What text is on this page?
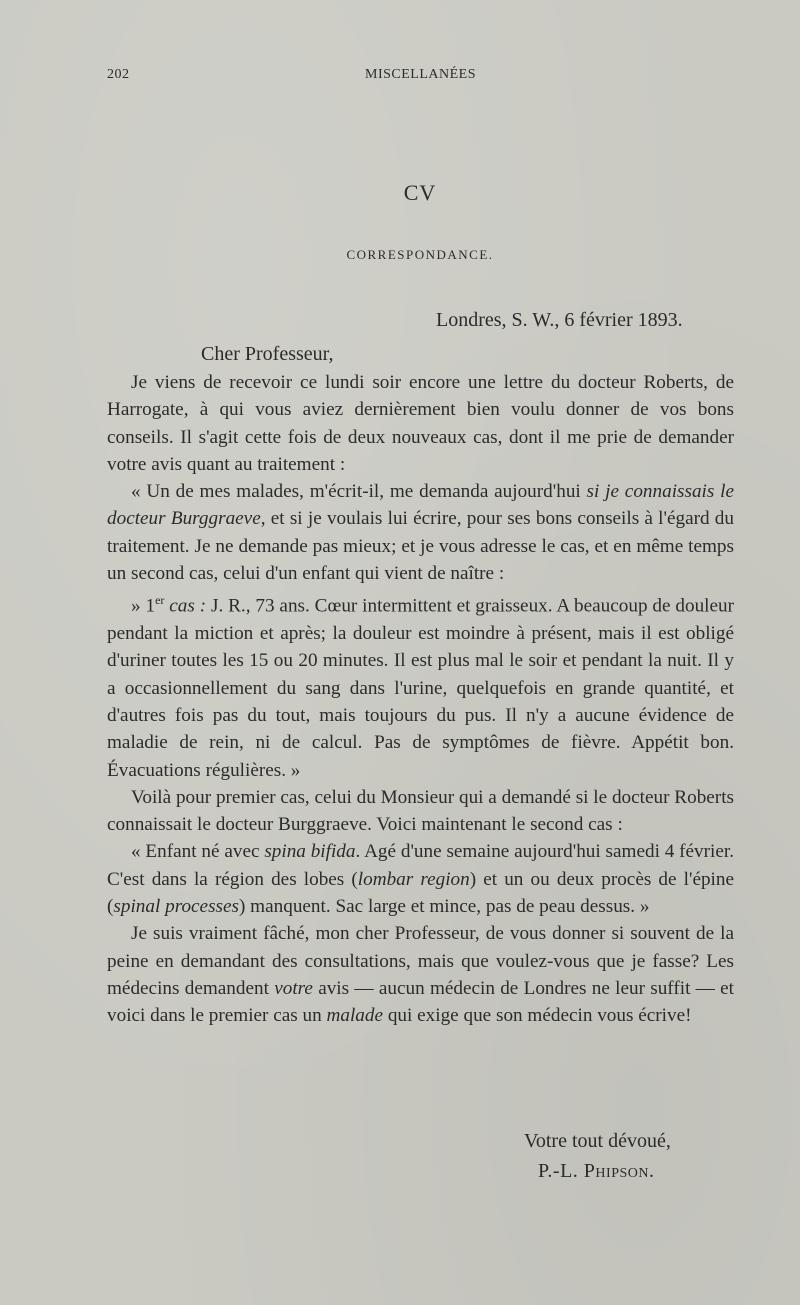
202	MISCELLANÉES
CV
CORRESPONDANCE.
Londres, S. W., 6 février 1893.
Cher Professeur,

Je viens de recevoir ce lundi soir encore une lettre du docteur Roberts, de Harrogate, à qui vous aviez dernièrement bien voulu donner de vos bons conseils. Il s'agit cette fois de deux nouveaux cas, dont il me prie de demander votre avis quant au traitement :

« Un de mes malades, m'écrit-il, me demanda aujourd'hui si je connaissais le docteur Burggraeve, et si je voulais lui écrire, pour ses bons conseils à l'égard du traitement. Je ne demande pas mieux; et je vous adresse le cas, et en même temps un second cas, celui d'un enfant qui vient de naître :

» 1er cas : J. R., 73 ans. Cœur intermittent et graisseux. A beaucoup de douleur pendant la miction et après; la douleur est moindre à présent, mais il est obligé d'uriner toutes les 15 ou 20 minutes. Il est plus mal le soir et pendant la nuit. Il y a occasionnellement du sang dans l'urine, quelquefois en grande quantité, et d'autres fois pas du tout, mais toujours du pus. Il n'y a aucune évidence de maladie de rein, ni de calcul. Pas de symptômes de fièvre. Appétit bon. Évacuations régulières. »

Voilà pour premier cas, celui du Monsieur qui a demandé si le docteur Roberts connaissait le docteur Burggraeve. Voici maintenant le second cas :

« Enfant né avec spina bifida. Agé d'une semaine aujourd'hui samedi 4 février. C'est dans la région des lobes (lombar region) et un ou deux procès de l'épine (spinal processes) manquent. Sac large et mince, pas de peau dessus. »

Je suis vraiment fâché, mon cher Professeur, de vous donner si souvent de la peine en demandant des consultations, mais que voulez-vous que je fasse? Les médecins demandent votre avis — aucun médecin de Londres ne leur suffit — et voici dans le premier cas un malade qui exige que son médecin vous écrive!

Votre tout dévoué,
P.-L. Phipson.
